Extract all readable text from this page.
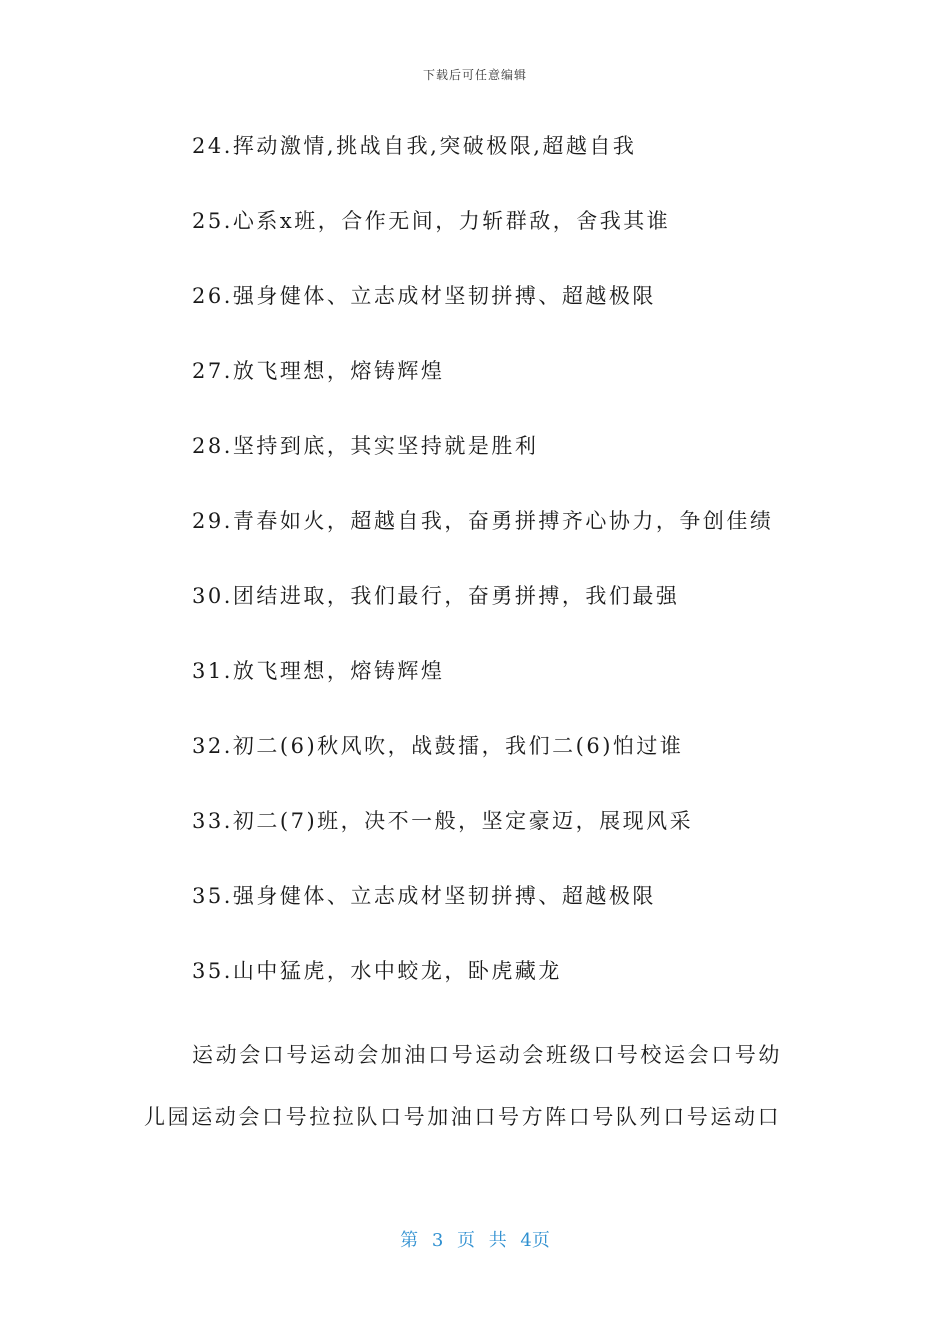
下载后可任意编辑
24.挥动激情,挑战自我,突破极限,超越自我
25.心系x班，合作无间，力斩群敌，舍我其谁
26.强身健体、立志成材坚韧拼搏、超越极限
27.放飞理想，熔铸辉煌
28.坚持到底，其实坚持就是胜利
29.青春如火，超越自我，奋勇拼搏齐心协力，争创佳绩
30.团结进取，我们最行，奋勇拼搏，我们最强
31.放飞理想，熔铸辉煌
32.初二(6)秋风吹，战鼓擂，我们二(6)怕过谁
33.初二(7)班，决不一般，坚定豪迈，展现风采
35.强身健体、立志成材坚韧拼搏、超越极限
35.山中猛虎，水中蛟龙，卧虎藏龙

运动会口号运动会加油口号运动会班级口号校运会口号幼儿园运动会口号拉拉队口号加油口号方阵口号队列口号运动口

第 3 页 共 4页
